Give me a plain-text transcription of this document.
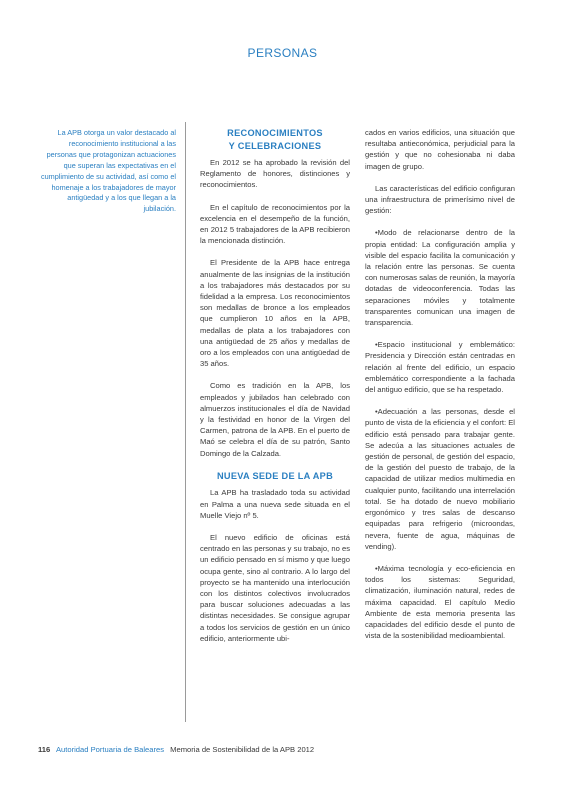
PERSONAS
La APB otorga un valor destacado al reconocimiento institucional a las personas que protagonizan actuaciones que superan las expectativas en el cumplimiento de su actividad, así como el homenaje a los trabajadores de mayor antigüedad y a los que llegan a la jubilación.
RECONOCIMIENTOS
Y CELEBRACIONES

En 2012 se ha aprobado la revisión del Reglamento de honores, distinciones y reconocimientos.

En el capítulo de reconocimientos por la excelencia en el desempeño de la función, en 2012 5 trabajadores de la APB recibieron la mencionada distinción.

El Presidente de la APB hace entrega anualmente de las insignias de la institución a los trabajadores más destacados por su fidelidad a la empresa. Los reconocimientos son medallas de bronce a los empleados que cumplieron 10 años en la APB, medallas de plata a los trabajadores con una antigüedad de 25 años y medallas de oro a los empleados con una antigüedad de 35 años.

Como es tradición en la APB, los empleados y jubilados han celebrado con almuerzos institucionales el día de Navidad y la festividad en honor de la Virgen del Carmen, patrona de la APB. En el puerto de Maó se celebra el día de su patrón, Santo Domingo de la Calzada.

NUEVA SEDE DE LA APB

La APB ha trasladado toda su actividad en Palma a una nueva sede situada en el Muelle Viejo nº 5.

El nuevo edificio de oficinas está centrado en las personas y su trabajo, no es un edificio pensado en sí mismo y que luego ocupa gente, sino al contrario. A lo largo del proyecto se ha mantenido una interlocución con los distintos colectivos involucrados para buscar soluciones adecuadas a las distintas necesidades. Se consigue agrupar a todos los servicios de gestión en un único edificio, anteriormente ubi-

cados en varios edificios, una situación que resultaba antieconómica, perjudicial para la gestión y que no cohesionaba ni daba imagen de grupo.

Las características del edificio configuran una infraestructura de primerísimo nivel de gestión:

•Modo de relacionarse dentro de la propia entidad: La configuración amplia y visible del espacio facilita la comunicación y la relación entre las personas. Se cuenta con numerosas salas de reunión, la mayoría dotadas de videoconferencia. Todas las separaciones móviles y totalmente transparentes comunican una imagen de transparencia.

•Espacio institucional y emblemático: Presidencia y Dirección están centradas en relación al frente del edificio, un espacio emblemático correspondiente a la fachada del antiguo edificio, que se ha respetado.

•Adecuación a las personas, desde el punto de vista de la eficiencia y el confort: El edificio está pensado para trabajar gente. Se adecúa a las situaciones actuales de gestión de personal, de gestión del espacio, de la gestión del puesto de trabajo, de la capacidad de utilizar medios multimedia en cualquier punto, facilitando una interrelación total. Se ha dotado de nuevo mobiliario ergonómico y tres salas de descanso equipadas para refrigerio (microondas, nevera, fuente de agua, máquinas de vending).

•Máxima tecnología y eco-eficiencia en todos los sistemas: Seguridad, climatización, iluminación natural, redes de máxima capacidad. El capítulo Medio Ambiente de esta memoria presenta las capacidades del edificio desde el punto de vista de la sostenibilidad medioambiental.

116 Autoridad Portuaria de Baleares Memoria de Sostenibilidad de la APB 2012
